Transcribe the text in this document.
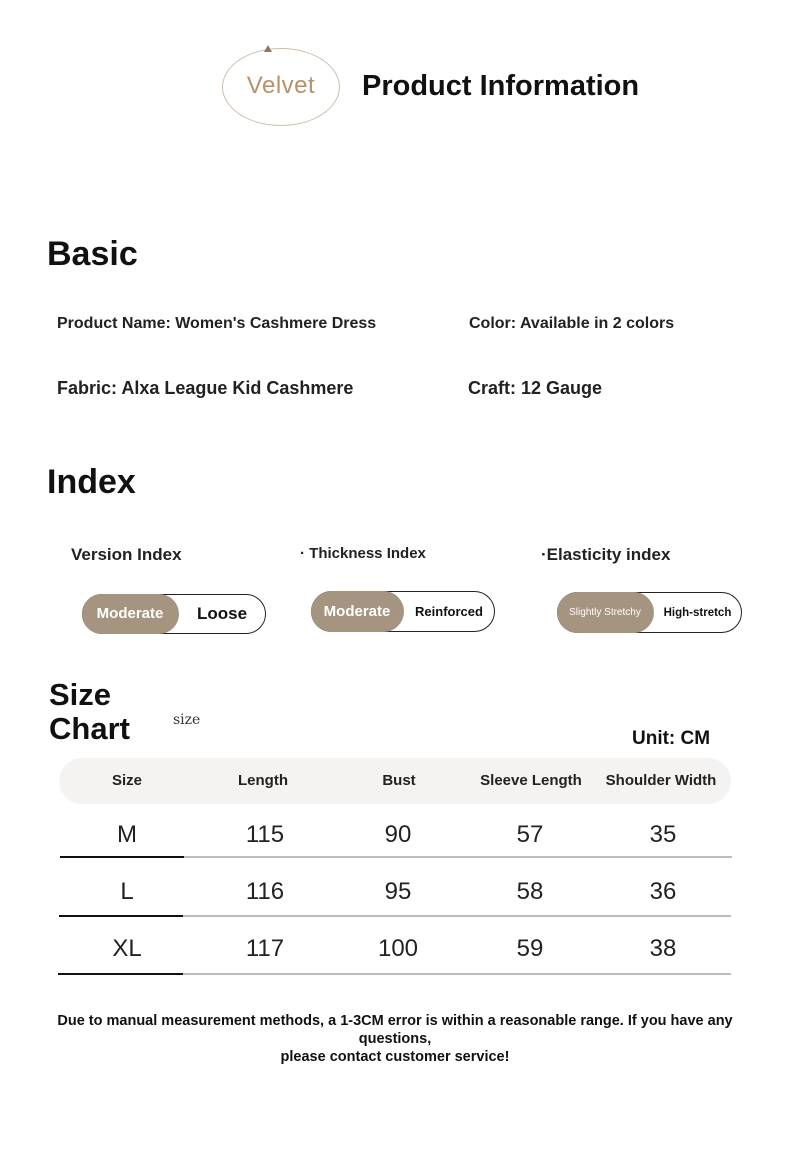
Velvet	Product Information
Basic
Product Name: Women's Cashmere Dress	Color: Available in 2 colors
Fabric: Alxa League Kid Cashmere	Craft: 12 Gauge
Index
Version Index
Moderate	Loose
· Thickness Index
Moderate	Reinforced
·Elasticity index
Slightly Stretchy	High-stretch
Size
Chart	size
Unit: CM
Size	Length	Bust	Sleeve Length	Shoulder Width
M	115	90	57	35
L	116	95	58	36
XL	117	100	59	38
Due to manual measurement methods, a 1-3CM error is within a reasonable range. If you have any questions,
please contact customer service!
